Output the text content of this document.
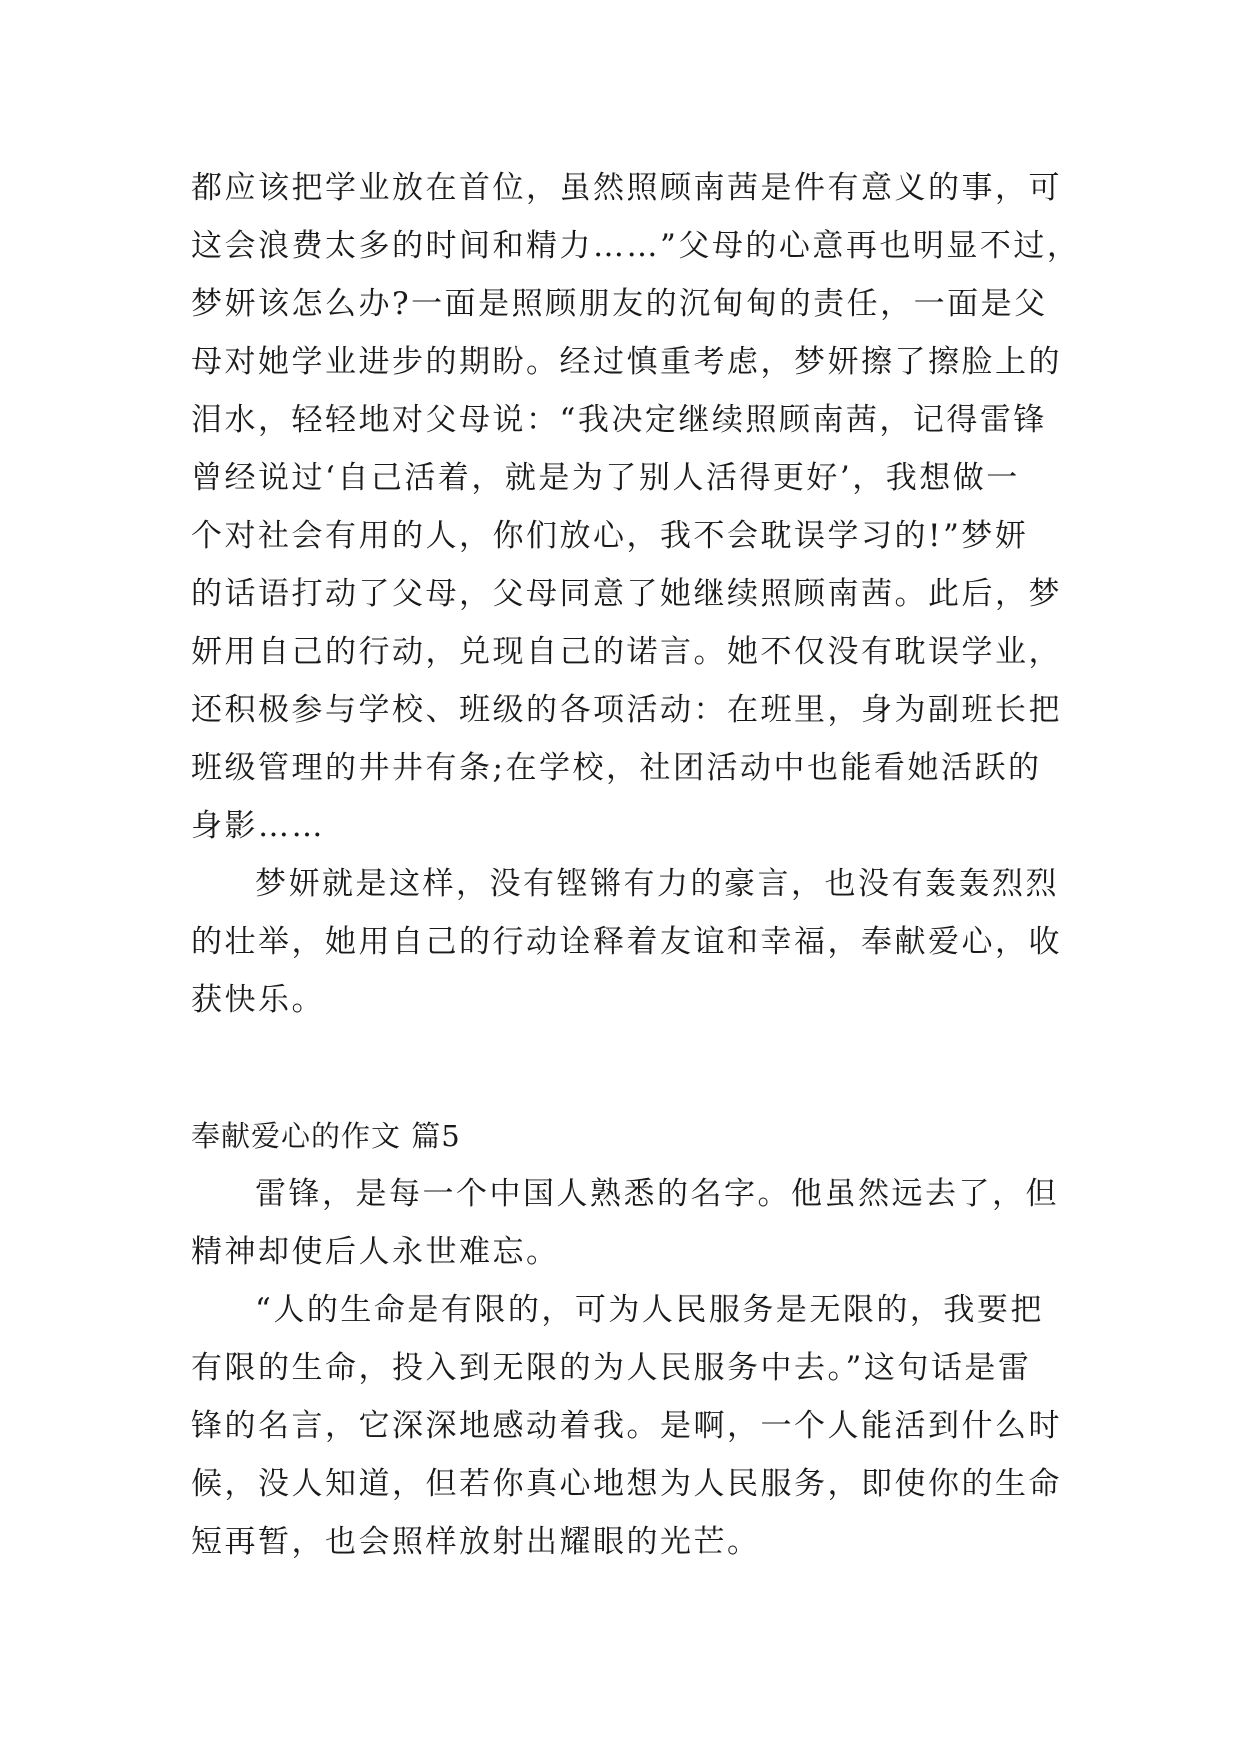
都应该把学业放在首位，虽然照顾南茜是件有意义的事，可
这会浪费太多的时间和精力……”父母的心意再也明显不过，
梦妍该怎么办?一面是照顾朋友的沉甸甸的责任，一面是父
母对她学业进步的期盼。经过慎重考虑，梦妍擦了擦脸上的
泪水，轻轻地对父母说：“我决定继续照顾南茜，记得雷锋
曾经说过‘自己活着，就是为了别人活得更好’，我想做一
个对社会有用的人，你们放心，我不会耽误学习的!”梦妍
的话语打动了父母，父母同意了她继续照顾南茜。此后，梦
妍用自己的行动，兑现自己的诺言。她不仅没有耽误学业，
还积极参与学校、班级的各项活动：在班里，身为副班长把
班级管理的井井有条;在学校，社团活动中也能看她活跃的
身影……
梦妍就是这样，没有铿锵有力的豪言，也没有轰轰烈烈
的壮举，她用自己的行动诠释着友谊和幸福，奉献爱心，收
获快乐。
奉献爱心的作文 篇5
雷锋，是每一个中国人熟悉的名字。他虽然远去了，但
精神却使后人永世难忘。
“人的生命是有限的，可为人民服务是无限的，我要把
有限的生命，投入到无限的为人民服务中去。”这句话是雷
锋的名言，它深深地感动着我。是啊，一个人能活到什么时
候，没人知道，但若你真心地想为人民服务，即使你的生命
短再暂，也会照样放射出耀眼的光芒。
